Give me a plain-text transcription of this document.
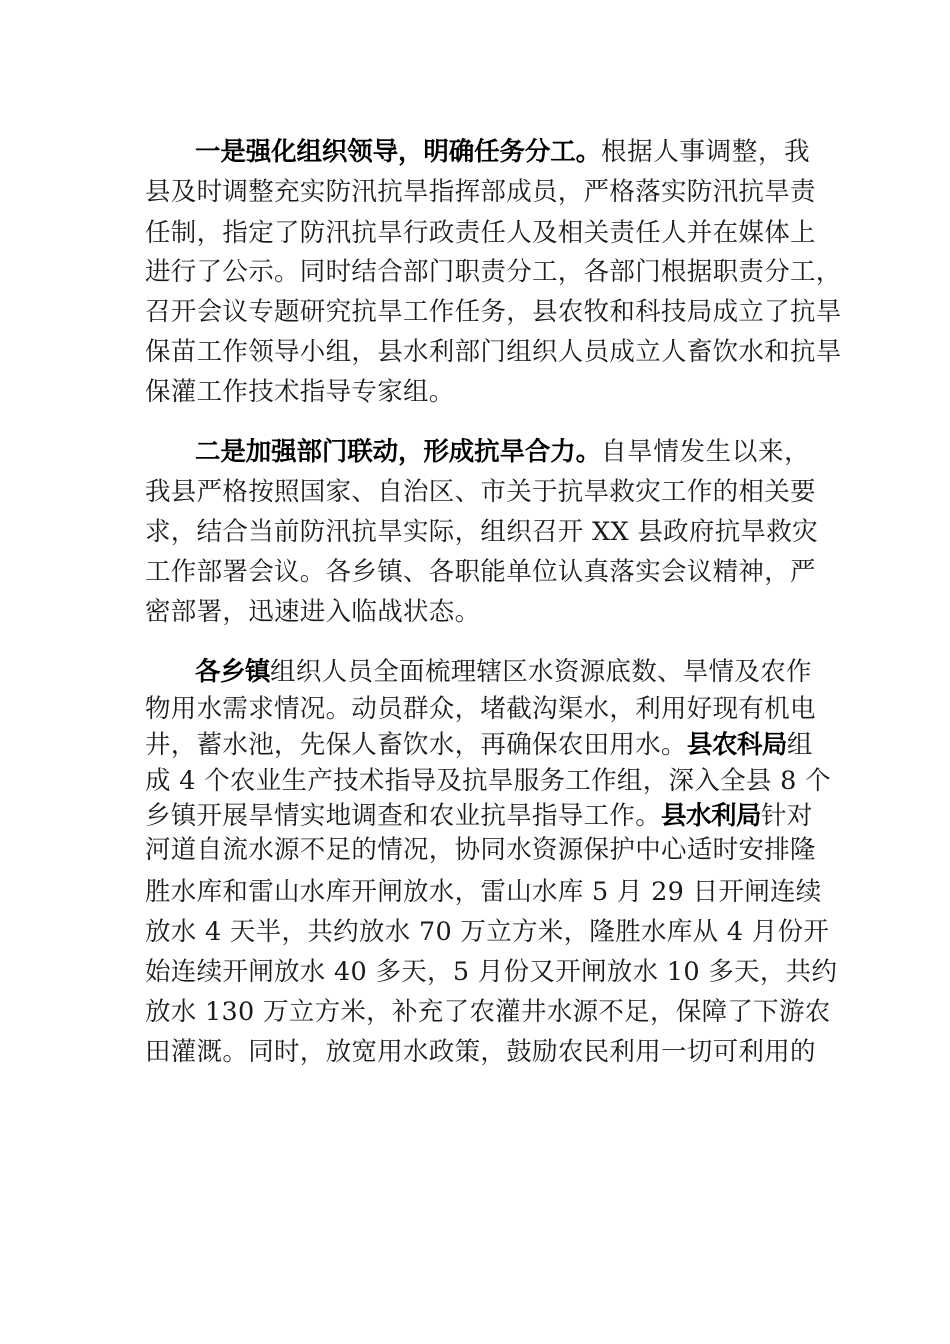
一是强化组织领导，明确任务分工。根据人事调整，我
县及时调整充实防汛抗旱指挥部成员，严格落实防汛抗旱责
任制，指定了防汛抗旱行政责任人及相关责任人并在媒体上
进行了公示。同时结合部门职责分工，各部门根据职责分工，
召开会议专题研究抗旱工作任务，县农牧和科技局成立了抗旱
保苗工作领导小组，县水利部门组织人员成立人畜饮水和抗旱
保灌工作技术指导专家组。
二是加强部门联动，形成抗旱合力。自旱情发生以来，
我县严格按照国家、自治区、市关于抗旱救灾工作的相关要
求，结合当前防汛抗旱实际，组织召开 XX 县政府抗旱救灾
工作部署会议。各乡镇、各职能单位认真落实会议精神，严
密部署，迅速进入临战状态。
各乡镇组织人员全面梳理辖区水资源底数、旱情及农作
物用水需求情况。动员群众，堵截沟渠水，利用好现有机电
井，蓄水池，先保人畜饮水，再确保农田用水。县农科局组
成 4 个农业生产技术指导及抗旱服务工作组，深入全县 8 个
乡镇开展旱情实地调查和农业抗旱指导工作。县水利局针对
河道自流水源不足的情况，协同水资源保护中心适时安排隆
胜水库和雷山水库开闸放水，雷山水库 5 月 29 日开闸连续
放水 4 天半，共约放水 70 万立方米，隆胜水库从 4 月份开
始连续开闸放水 40 多天，5 月份又开闸放水 10 多天，共约
放水 130 万立方米，补充了农灌井水源不足，保障了下游农
田灌溉。同时，放宽用水政策，鼓励农民利用一切可利用的
